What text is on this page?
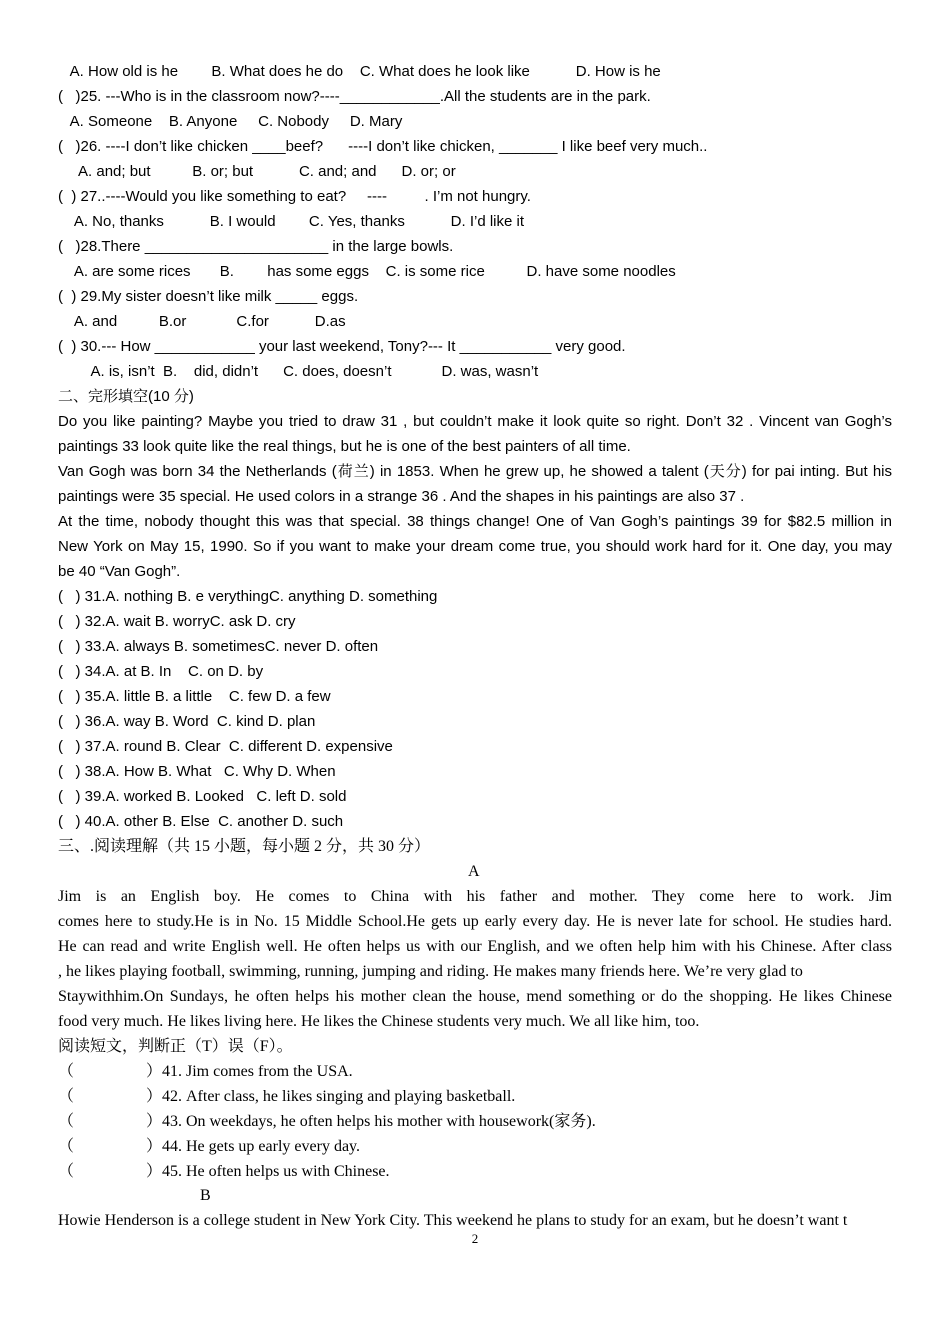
A. How old is he        B. What does he do    C. What does he look like           D. How is he
(   )25. ---Who is in the classroom now?----____________.All the students are in the park.
A. Someone    B. Anyone     C. Nobody     D. Mary
(   )26. ----I don’t like chicken ____beef?      ----I don’t like chicken, _______ I like beef very much..
A. and; but          B. or; but           C. and; and      D. or; or
(  ) 27..----Would you like something to eat?     ----         . I’m not hungry.
A. No, thanks           B. I would        C. Yes, thanks           D. I’d like it
(   )28.There ______________________ in the large bowls.
A. are some rices       B.        has some eggs    C. is some rice          D. have some noodles
(  ) 29.My sister doesn’t like milk _____ eggs.
A. and          B.or            C.for           D.as
(  ) 30.--- How ____________ your last weekend, Tony?--- It ___________ very good.
A. is, isn’t  B.    did, didn’t      C. does, doesn’t            D. was, wasn’t
二、完形填空(10 分)
Do you like painting? Maybe you tried to draw 31 , but couldn’t make it look quite so right. Don’t 32 . Vincent van Gogh’s
paintings 33 look quite like the real things, but he is one of the best painters of all time.
Van Gogh was born 34 the Netherlands (荷兰) in 1853. When he grew up, he showed a talent (天分) for pai inting. But his
paintings were 35 special. He used colors in a strange 36 . And the shapes in his paintings are also 37 .
At the time, nobody thought this was that special. 38 things change! One of Van Gogh’s paintings 39 for $82.5 million in
New York on May 15, 1990. So if you want to make your dream come true, you should work hard for it. One day, you may
be 40 “Van Gogh”.
(   ) 31.A. nothing B. e verythingC. anything D. something
(   ) 32.A. wait B. worryC. ask D. cry
(   ) 33.A. always B. sometimesC. never D. often
(   ) 34.A. at B. In    C. on D. by
(   ) 35.A. little B. a little    C. few D. a few
(   ) 36.A. way B. Word  C. kind D. plan
(   ) 37.A. round B. Clear  C. different D. expensive
(   ) 38.A. How B. What   C. Why D. When
(   ) 39.A. worked B. Looked   C. left D. sold
(   ) 40.A. other B. Else  C. another D. such
三、.阅读理解（共 15 小题，每小题 2 分，共 30 分）
A
Jim is an English boy. He comes to China with his father and mother. They come here to work. Jim
comes here to study.He is in No. 15 Middle School.He gets up early every day. He is never late for school. He studies hard.
He can read and write English well. He often helps us with our English, and we often help him with his Chinese. After class
, he likes playing football, swimming, running, jumping and riding. He makes many friends here. We’re very glad to
Staywithhim.On Sundays, he often helps his mother clean the house, mend something or do the shopping. He likes Chinese
food very much. He likes living here. He likes the Chinese students very much. We all like him, too.
阅读短文，判断正（T）误（F）。
（                  ）41. Jim comes from the USA.
（                  ）42. After class, he likes singing and playing basketball.
（                  ）43. On weekdays, he often helps his mother with housework(家务).
（                  ）44. He gets up early every day.
（                  ）45. He often helps us with Chinese.
B
Howie Henderson is a college student in New York City. This weekend he plans to study for an exam, but he doesn’t want t
2
